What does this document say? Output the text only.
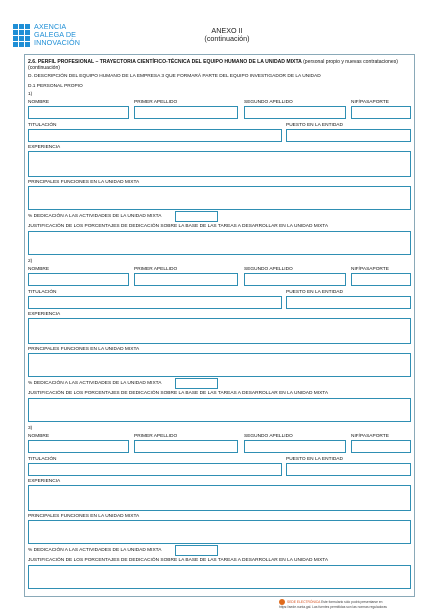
AXENCIA
GALEGA DE
INNOVACIÓN
ANEXO II
(continuación)
2.6. PERFIL PROFESIONAL – TRAYECTORIA CIENTÍFICO-TÉCNICA DEL EQUIPO HUMANO DE LA UNIDAD MIXTA (personal propio y nuevas contrataciones) (continuación)
D. DESCRIPCIÓN DEL EQUIPO HUMANO DE LA EMPRESA 3 QUE FORMARÁ PARTE DEL EQUIPO INVESTIGADOR DE LA UNIDAD
D.1 PERSONAL PROPIO
1)
NOMBRE	PRIMER APELLIDO	SEGUNDO APELLIDO	NIF/PASAPORTE
TITULACIÓN	PUESTO EN LA ENTIDAD
EXPERIENCIA
PRINCIPALES FUNCIONES EN LA UNIDAD MIXTA
% DEDICACIÓN A LAS ACTIVIDADES DE LA UNIDAD MIXTA
JUSTIFICACIÓN DE LOS PORCENTAJES DE DEDICACIÓN SOBRE LA BASE DE LAS TAREAS A DESARROLLAR EN LA UNIDAD MIXTA
2)
NOMBRE	PRIMER APELLIDO	SEGUNDO APELLIDO	NIF/PASAPORTE
TITULACIÓN	PUESTO EN LA ENTIDAD
EXPERIENCIA
PRINCIPALES FUNCIONES EN LA UNIDAD MIXTA
% DEDICACIÓN A LAS ACTIVIDADES DE LA UNIDAD MIXTA
JUSTIFICACIÓN DE LOS PORCENTAJES DE DEDICACIÓN SOBRE LA BASE DE LAS TAREAS A DESARROLLAR EN LA UNIDAD MIXTA
3)
NOMBRE	PRIMER APELLIDO	SEGUNDO APELLIDO	NIF/PASAPORTE
TITULACIÓN	PUESTO EN LA ENTIDAD
EXPERIENCIA
PRINCIPALES FUNCIONES EN LA UNIDAD MIXTA
% DEDICACIÓN A LAS ACTIVIDADES DE LA UNIDAD MIXTA
JUSTIFICACIÓN DE LOS PORCENTAJES DE DEDICACIÓN SOBRE LA BASE DE LAS TAREAS A DESARROLLAR EN LA UNIDAD MIXTA
SEDE ELECTRÓNICA Este formulario sólo podrá presentarse en
https://sede.xunta.gal. Las fuentes permitidas son las normas reguladoras
